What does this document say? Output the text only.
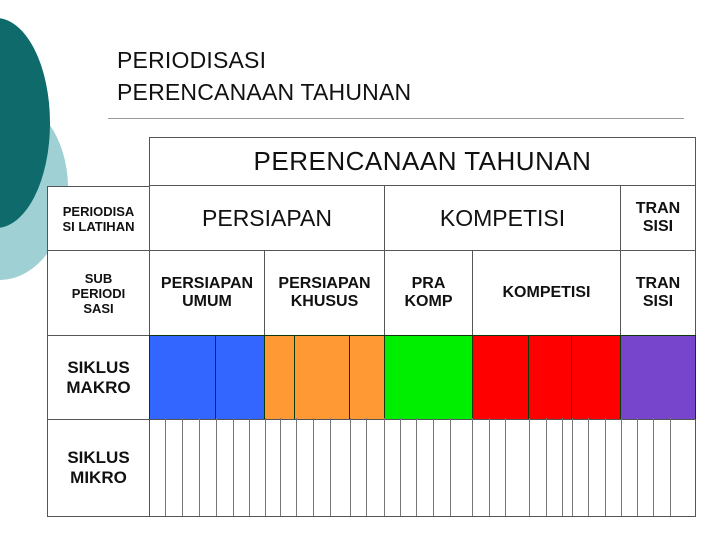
PERIODISASI
PERENCANAAN TAHUNAN
PERENCANAAN TAHUNAN
PERIODISA
SI LATIHAN
SUB
PERIODI
SASI
SIKLUS
MAKRO
SIKLUS
MIKRO
PERSIAPAN	KOMPETISI	TRAN
SISI
PERSIAPAN
UMUM
PERSIAPAN
KHUSUS
PRA
KOMP
KOMPETISI
TRAN
SISI
